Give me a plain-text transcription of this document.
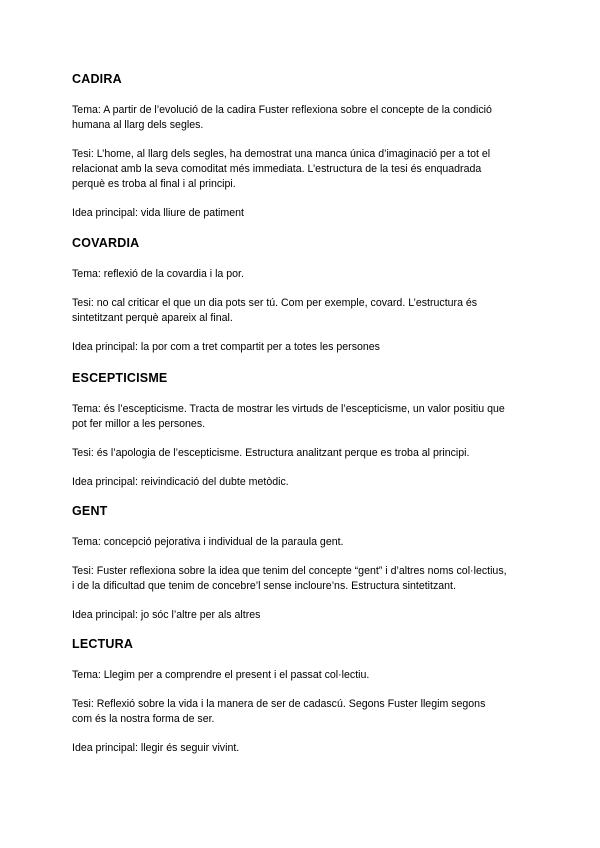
CADIRA

Tema: A partir de l’evolució de la cadira Fuster reflexiona sobre el concepte de la condició
humana al llarg dels segles.

Tesi: L’home, al llarg dels segles, ha demostrat una manca única d’imaginació per a tot el
relacionat amb la seva comoditat més immediata. L’estructura de la tesi és enquadrada
perquè es troba al final i al principi.

Idea principal: vida lliure de patiment

COVARDIA

Tema: reflexió de la covardia i la por.

Tesi: no cal criticar el que un dia pots ser tú. Com per exemple, covard. L’estructura és
sintetitzant perquè apareix al final.

Idea principal: la por com a tret compartit per a totes les persones

ESCEPTICISME

Tema: és l’escepticisme. Tracta de mostrar les virtuds de l’escepticisme, un valor positiu que
pot fer millor a les persones.

Tesi: és l’apologia de l’escepticisme. Estructura analitzant perque es troba al principi.

Idea principal: reivindicació del dubte metòdic.

GENT

Tema: concepció pejorativa i individual de la paraula gent.

Tesi: Fuster reflexiona sobre la idea que tenim del concepte “gent” i d’altres noms col·lectius,
i de la dificultad que tenim de concebre’l sense incloure’ns. Estructura sintetitzant.

Idea principal: jo sóc l’altre per als altres

LECTURA

Tema: Llegim per a comprendre el present i el passat col·lectiu.

Tesi: Reflexió sobre la vida i la manera de ser de cadascú. Segons Fuster llegim segons
com és la nostra forma de ser.

Idea principal: llegir és seguir vivint.
